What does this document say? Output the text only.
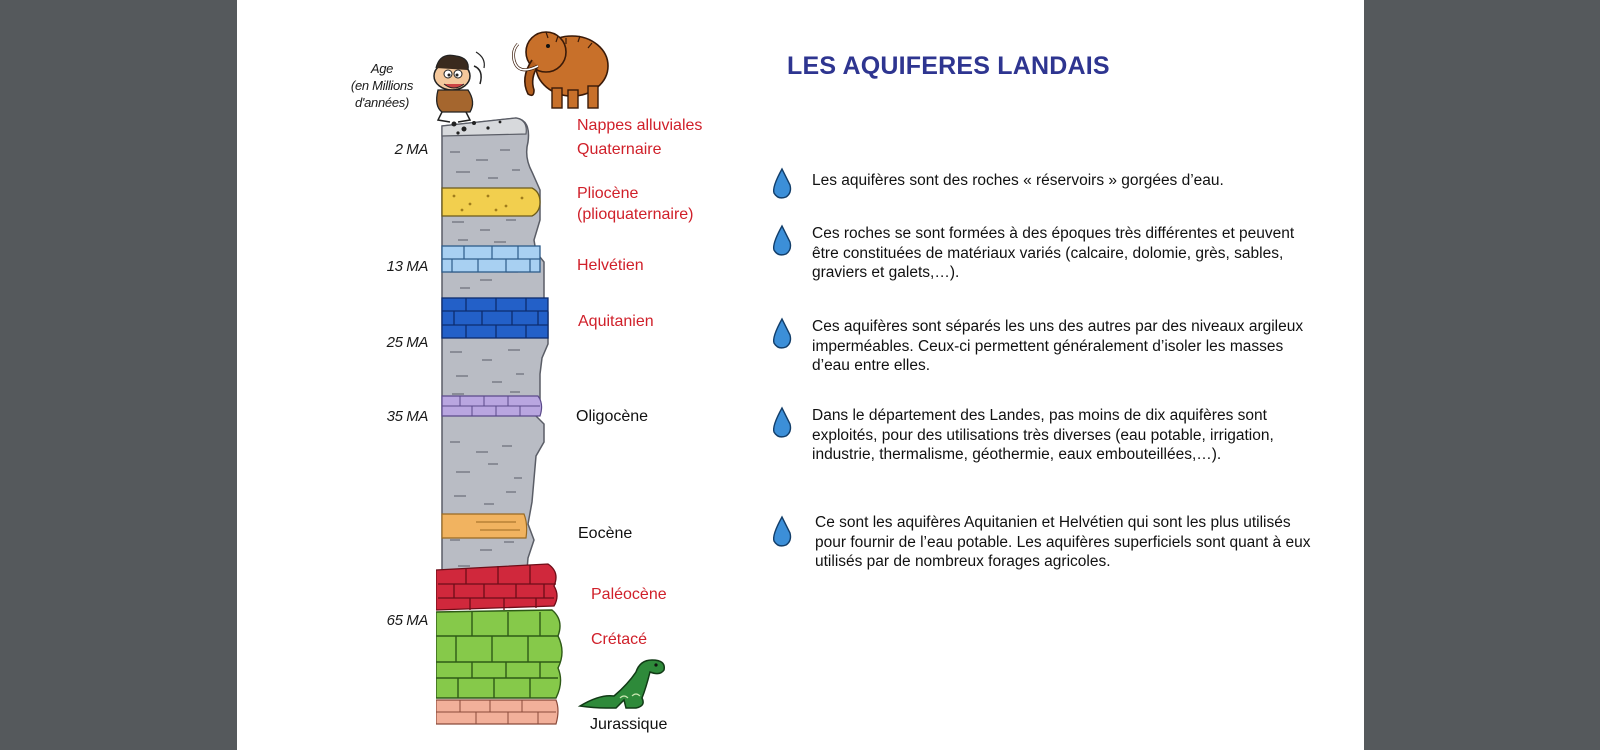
Age
(en Millions
d'années)
2 MA
13 MA
25 MA
35 MA
65 MA
Nappes alluviales
Quaternaire
Pliocène
(plioquaternaire)
Helvétien
Aquitanien
Oligocène
Eocène
Paléocène
Crétacé
Jurassique
LES AQUIFERES LANDAIS
Les aquifères sont des roches « réservoirs » gorgées d’eau.
Ces roches se sont formées à des époques très différentes et peuvent être constituées de matériaux variés (calcaire, dolomie, grès, sables, graviers et galets,…).
Ces aquifères sont séparés les uns des autres par des niveaux argileux imperméables. Ceux-ci permettent généralement d’isoler les masses d’eau entre elles.
Dans le département des Landes, pas moins de dix aquifères sont exploités, pour des utilisations très diverses (eau potable, irrigation, industrie, thermalisme, géothermie, eaux embouteillées,…).
Ce sont les aquifères Aquitanien et Helvétien qui sont les plus utilisés pour fournir de l’eau potable. Les aquifères superficiels sont quant à eux utilisés par de nombreux forages agricoles.
